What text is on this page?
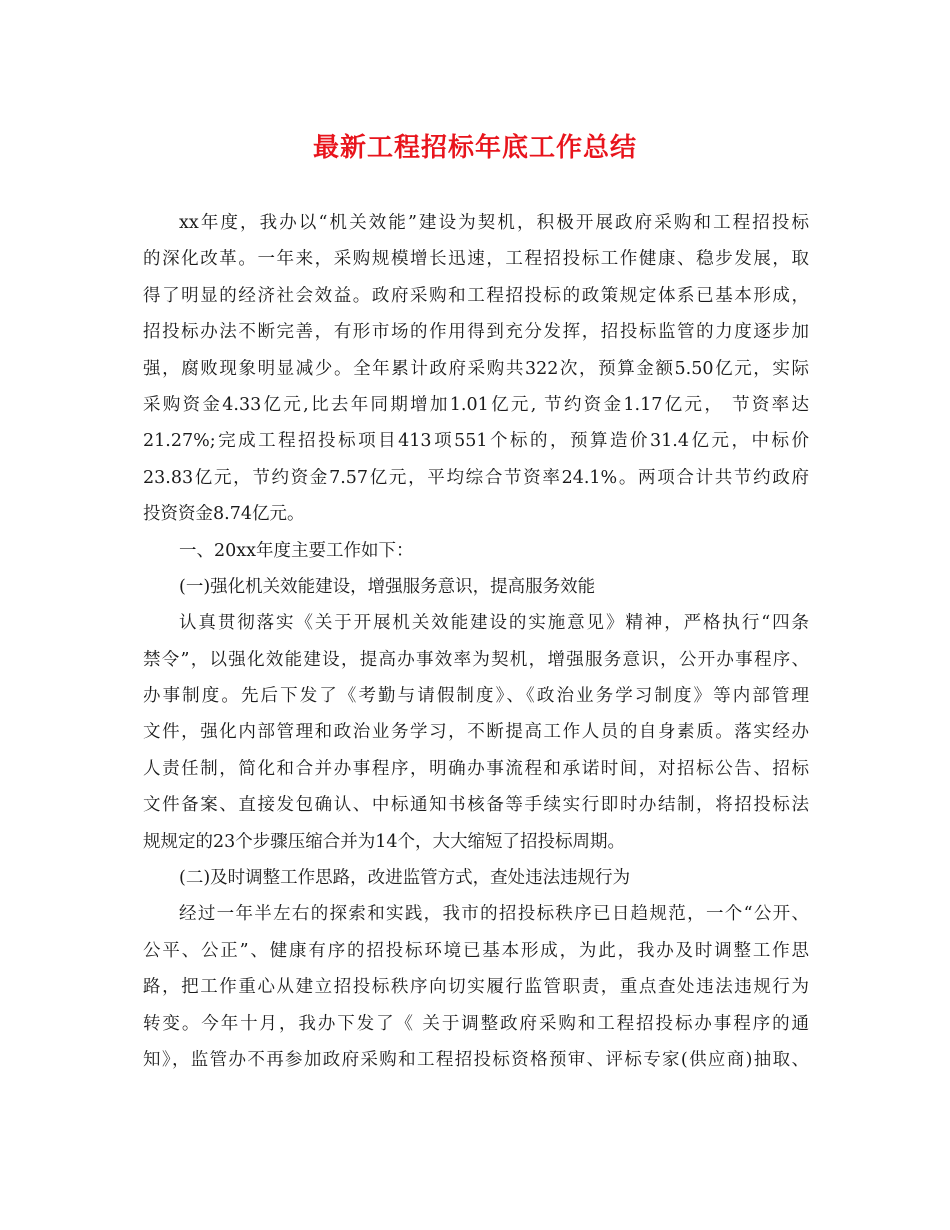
最新工程招标年底工作总结

xx年度，我办以“机关效能”建设为契机，积极开展政府采购和工程招投标

的深化改革。一年来，采购规模增长迅速，工程招投标工作健康、稳步发展，取

得了明显的经济社会效益。政府采购和工程招投标的政策规定体系已基本形成，

招投标办法不断完善，有形市场的作用得到充分发挥，招投标监管的力度逐步加

强，腐败现象明显减少。全年累计政府采购共322次，预算金额5.50亿元，实际

采购资金4.33亿元,比去年同期增加1.01亿元, 节约资金1.17亿元， 节资率达

21.27%;完成工程招投标项目413项551个标的，预算造价31.4亿元，中标价

23.83亿元，节约资金7.57亿元，平均综合节资率24.1%。两项合计共节约政府

投资资金8.74亿元。

一、20xx年度主要工作如下：

(一)强化机关效能建设，增强服务意识，提高服务效能

认真贯彻落实《关于开展机关效能建设的实施意见》精神，严格执行“四条

禁令”，以强化效能建设，提高办事效率为契机，增强服务意识，公开办事程序、

办事制度。先后下发了《考勤与请假制度》、《政治业务学习制度》等内部管理

文件，强化内部管理和政治业务学习，不断提高工作人员的自身素质。落实经办

人责任制，简化和合并办事程序，明确办事流程和承诺时间，对招标公告、招标

文件备案、直接发包确认、中标通知书核备等手续实行即时办结制，将招投标法

规规定的23个步骤压缩合并为14个，大大缩短了招投标周期。

(二)及时调整工作思路，改进监管方式，查处违法违规行为

经过一年半左右的探索和实践，我市的招投标秩序已日趋规范，一个“公开、

公平、公正”、健康有序的招投标环境已基本形成，为此，我办及时调整工作思

路，把工作重心从建立招投标秩序向切实履行监管职责，重点查处违法违规行为

转变。今年十月，我办下发了《 关于调整政府采购和工程招投标办事程序的通

知》，监管办不再参加政府采购和工程招投标资格预审、评标专家(供应商)抽取、
